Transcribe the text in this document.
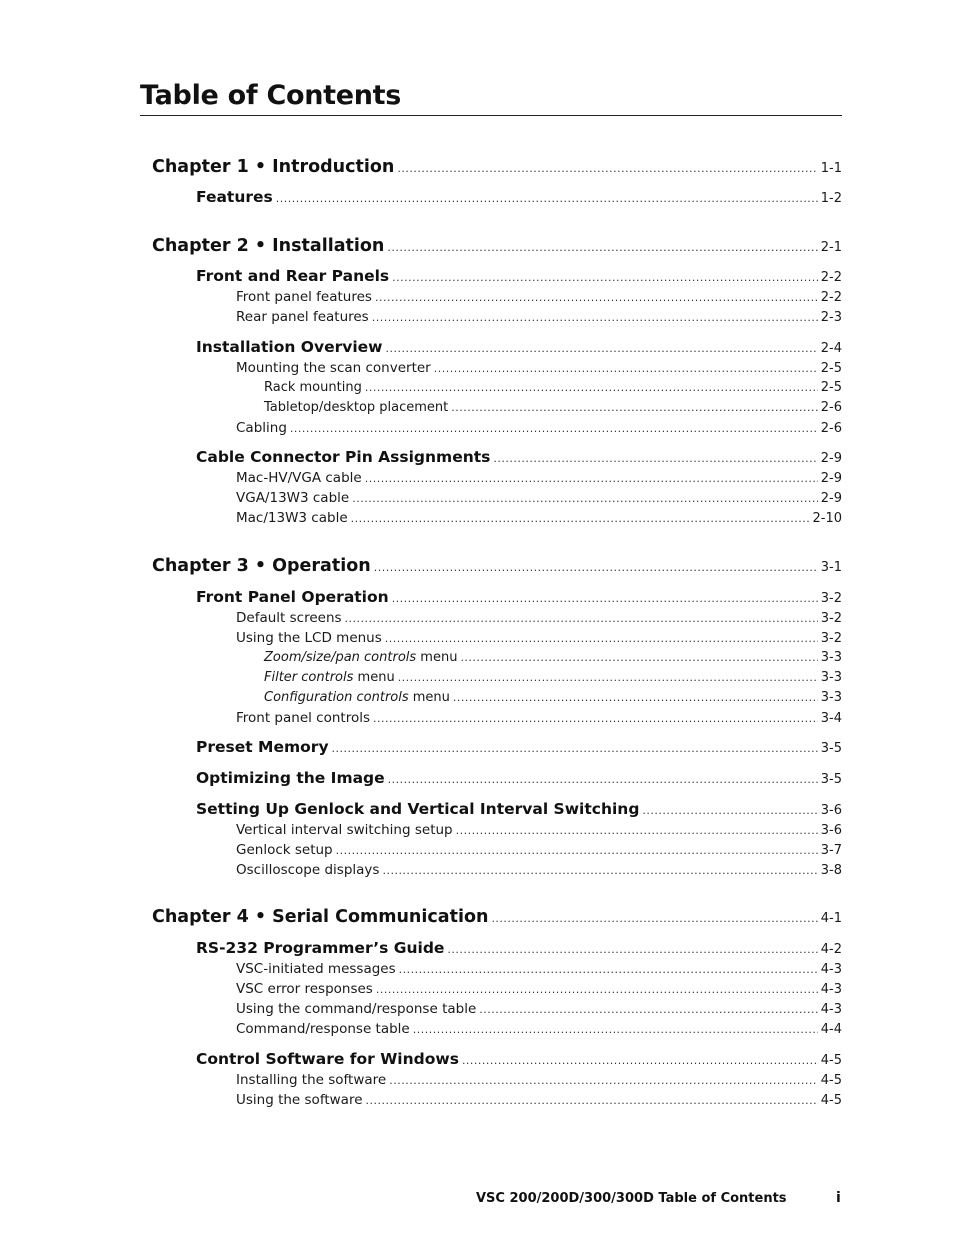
Table of Contents
Chapter 1 • Introduction .....	1-1
Features .....	1-2
Chapter 2 • Installation .....	2-1
Front and Rear Panels .....	2-2
Front panel features .....	2-2
Rear panel features .....	2-3
Installation Overview .....	2-4
Mounting the scan converter .....	2-5
Rack mounting .....	2-5
Tabletop/desktop placement .....	2-6
Cabling .....	2-6
Cable Connector Pin Assignments .....	2-9
Mac-HV/VGA cable .....	2-9
VGA/13W3 cable .....	2-9
Mac/13W3 cable .....	2-10
Chapter 3 • Operation .....	3-1
Front Panel Operation .....	3-2
Default screens .....	3-2
Using the LCD menus .....	3-2
Zoom/size/pan controls menu .....	3-3
Filter controls menu .....	3-3
Configuration controls menu .....	3-3
Front panel controls .....	3-4
Preset Memory .....	3-5
Optimizing the Image .....	3-5
Setting Up Genlock and Vertical Interval Switching .....	3-6
Vertical interval switching setup .....	3-6
Genlock setup .....	3-7
Oscilloscope displays .....	3-8
Chapter 4 • Serial Communication .....	4-1
RS-232 Programmer’s Guide .....	4-2
VSC-initiated messages .....	4-3
VSC error responses .....	4-3
Using the command/response table .....	4-3
Command/response table .....	4-4
Control Software for Windows .....	4-5
Installing the software .....	4-5
Using the software .....	4-5
VSC 200/200D/300/300D Table of Contents	i
